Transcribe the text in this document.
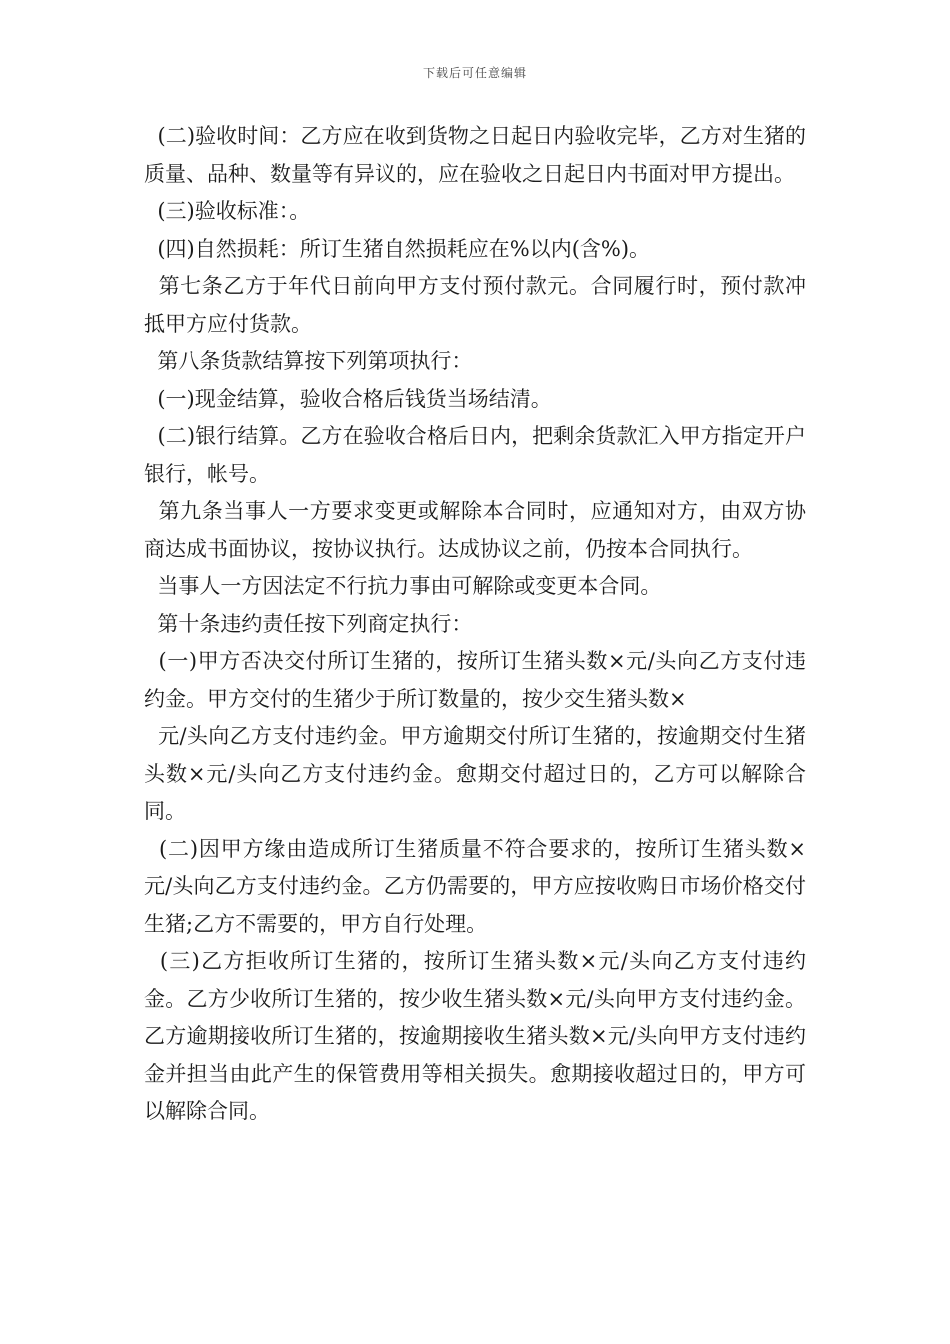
下载后可任意编辑

(二)验收时间：乙方应在收到货物之日起日内验收完毕，乙方对生猪的质量、品种、数量等有异议的，应在验收之日起日内书面对甲方提出。

(三)验收标准：。

(四)自然损耗：所订生猪自然损耗应在%以内(含%)。

第七条乙方于年代日前向甲方支付预付款元。合同履行时，预付款冲抵甲方应付货款。

第八条货款结算按下列第项执行：

(一)现金结算，验收合格后钱货当场结清。

(二)银行结算。乙方在验收合格后日内，把剩余货款汇入甲方指定开户银行，帐号。

第九条当事人一方要求变更或解除本合同时，应通知对方，由双方协商达成书面协议，按协议执行。达成协议之前，仍按本合同执行。

当事人一方因法定不行抗力事由可解除或变更本合同。

第十条违约责任按下列商定执行：

(一)甲方否决交付所订生猪的，按所订生猪头数×元/头向乙方支付违约金。甲方交付的生猪少于所订数量的，按少交生猪头数×

元/头向乙方支付违约金。甲方逾期交付所订生猪的，按逾期交付生猪头数×元/头向乙方支付违约金。愈期交付超过日的，乙方可以解除合同。

(二)因甲方缘由造成所订生猪质量不符合要求的，按所订生猪头数×元/头向乙方支付违约金。乙方仍需要的，甲方应按收购日市场价格交付生猪;乙方不需要的，甲方自行处理。

(三)乙方拒收所订生猪的，按所订生猪头数×元/头向乙方支付违约金。乙方少收所订生猪的，按少收生猪头数×元/头向甲方支付违约金。乙方逾期接收所订生猪的，按逾期接收生猪头数×元/头向甲方支付违约金并担当由此产生的保管费用等相关损失。愈期接收超过日的，甲方可以解除合同。
